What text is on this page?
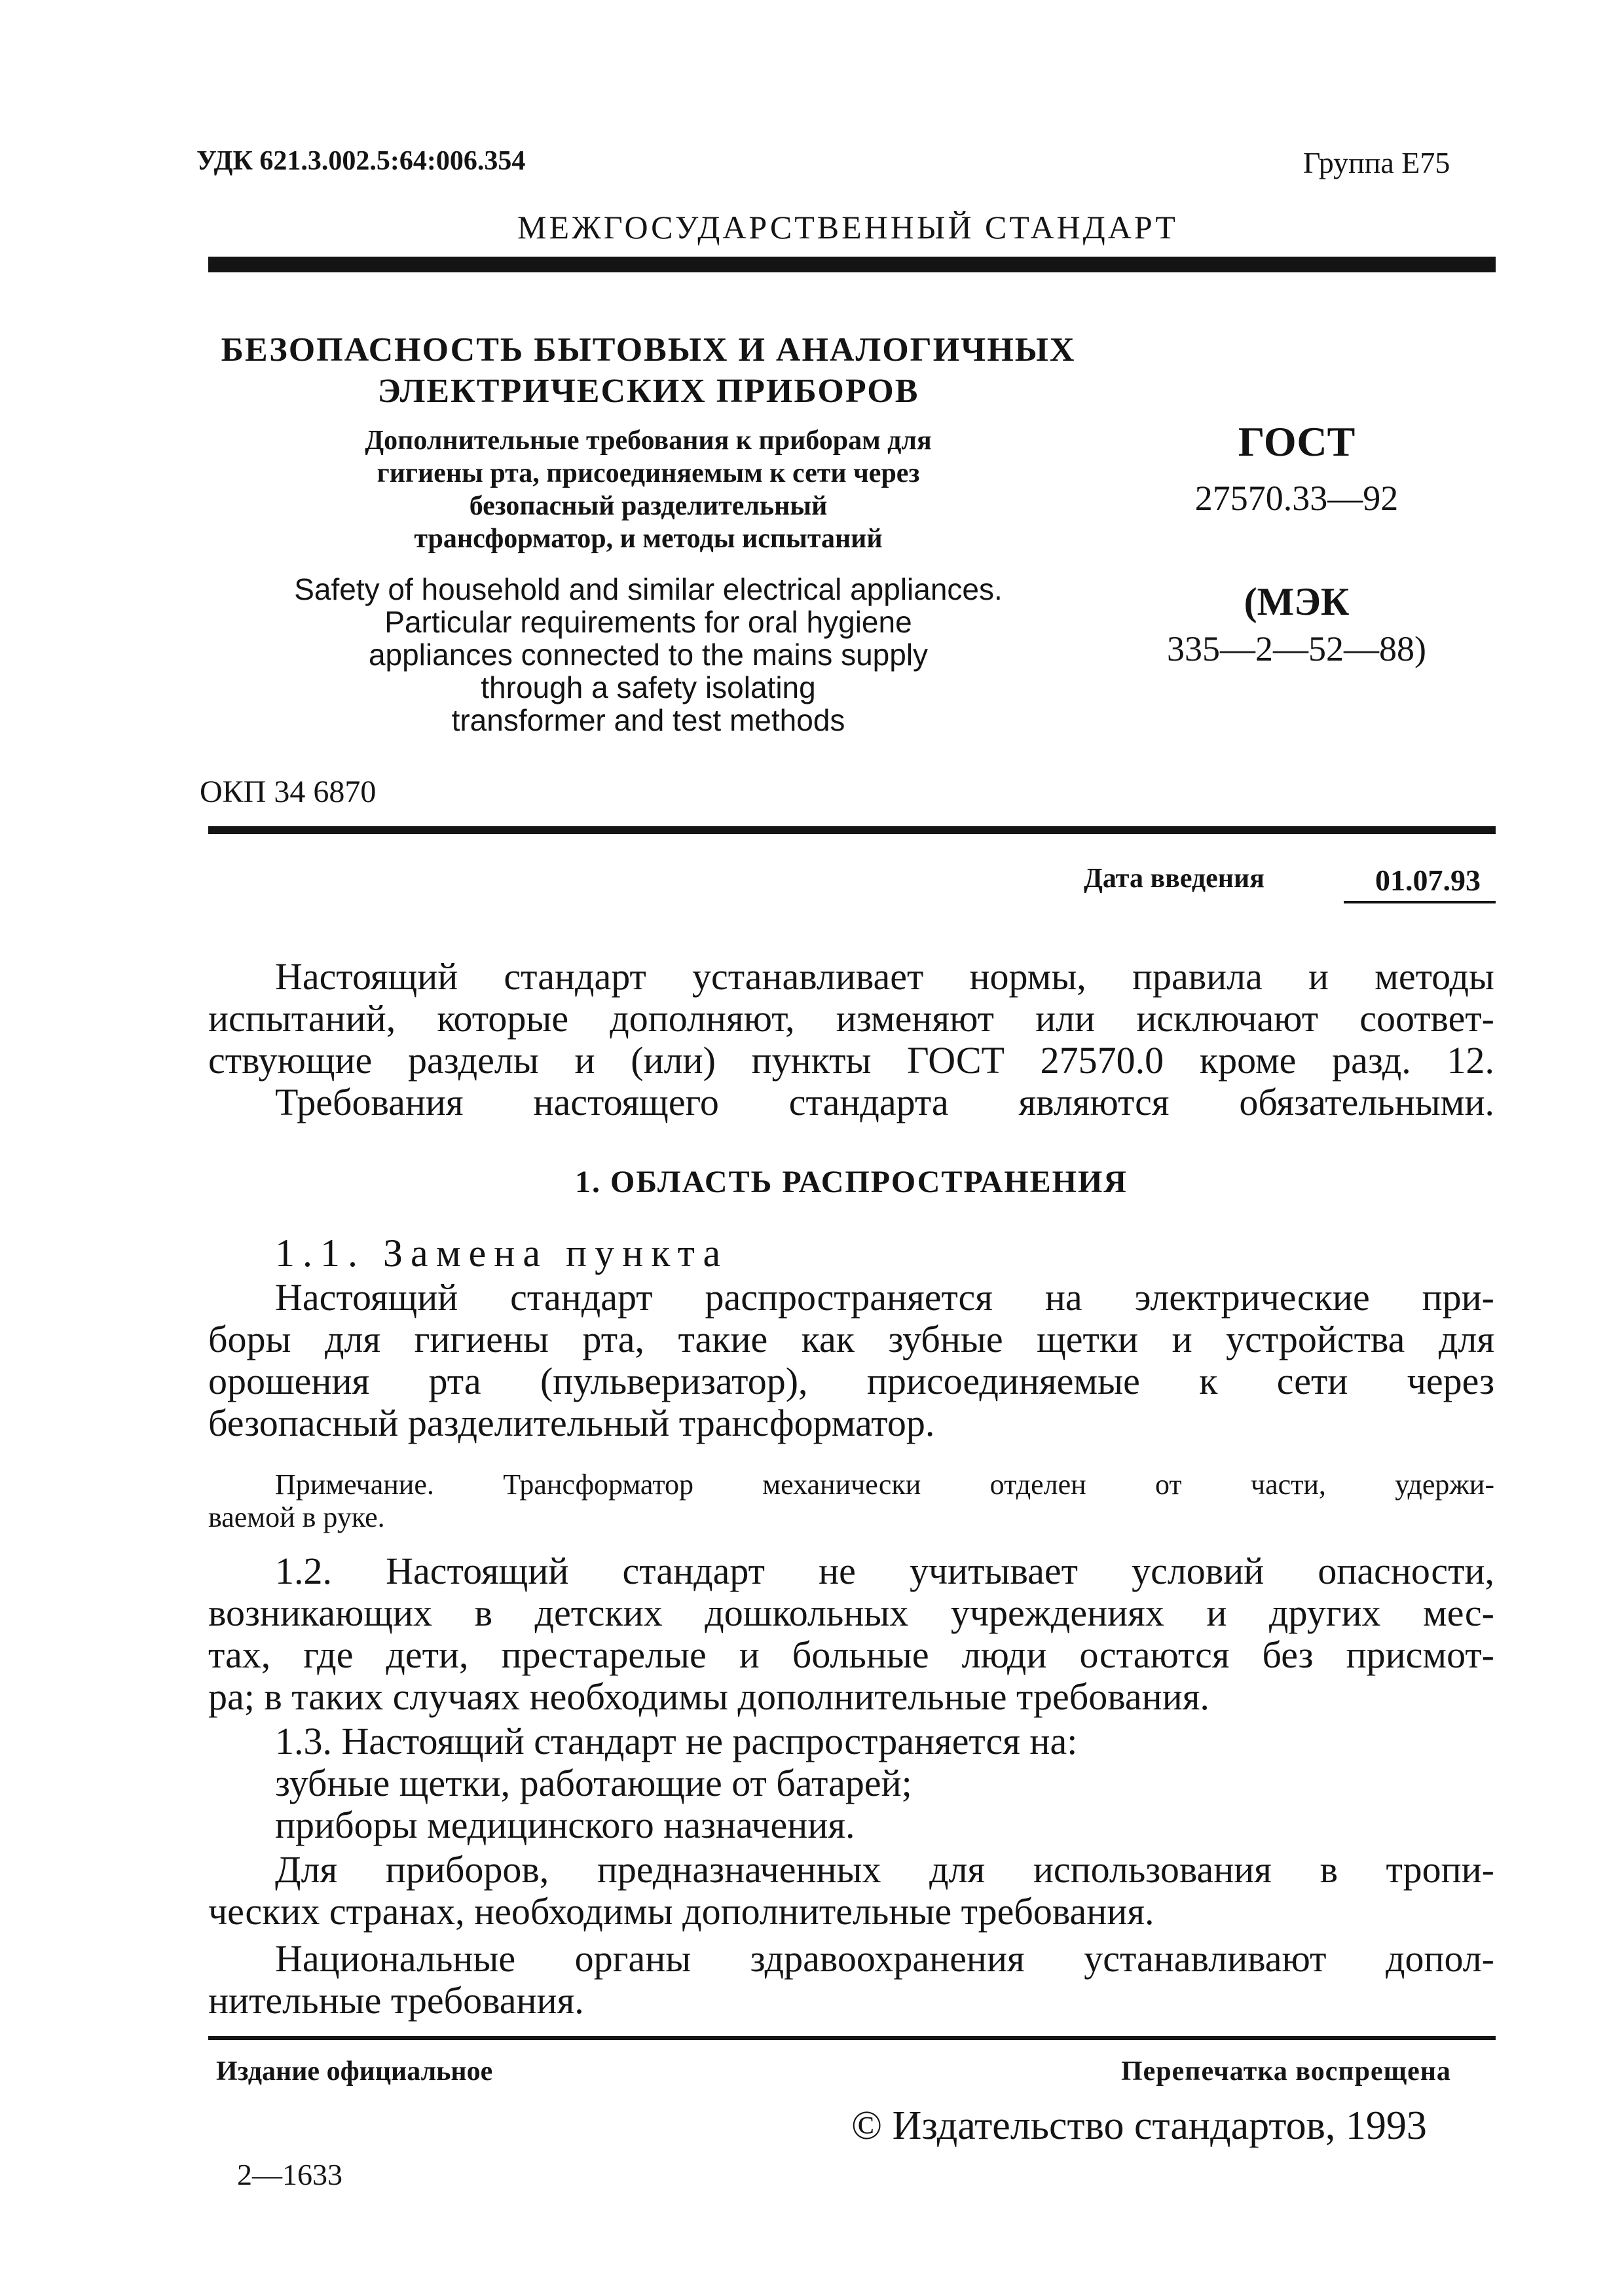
УДК 621.3.002.5:64:006.354	Группа Е75
МЕЖГОСУДАРСТВЕННЫЙ СТАНДАРТ
БЕЗОПАСНОСТЬ БЫТОВЫХ И АНАЛОГИЧНЫХ
ЭЛЕКТРИЧЕСКИХ ПРИБОРОВ
Дополнительные требования к приборам для
гигиены рта, присоединяемым к сети через
безопасный разделительный
трансформатор, и методы испытаний
Safety of household and similar electrical appliances.
Particular requirements for oral hygiene
appliances connected to the mains supply
through a safety isolating
transformer and test methods
ГОСТ
27570.33—92
(МЭК
335—2—52—88)
ОКП 34 6870
Дата введения	01.07.93
Настоящий стандарт устанавливает нормы, правила и методы
испытаний, которые дополняют, изменяют или исключают соответ-
ствующие разделы и (или) пункты ГОСТ 27570.0 кроме разд. 12.
Требования настоящего стандарта являются обязательными.
1. ОБЛАСТЬ РАСПРОСТРАНЕНИЯ
1.1. Замена пункта
Настоящий стандарт распространяется на электрические при-
боры для гигиены рта, такие как зубные щетки и устройства для
орошения рта (пульверизатор), присоединяемые к сети через
безопасный разделительный трансформатор.
Примечание. Трансформатор механически отделен от части, удержи-
ваемой в руке.
1.2. Настоящий стандарт не учитывает условий опасности,
возникающих в детских дошкольных учреждениях и других мес-
тах, где дети, престарелые и больные люди остаются без присмот-
ра; в таких случаях необходимы дополнительные требования.
1.3. Настоящий стандарт не распространяется на:
зубные щетки, работающие от батарей;
приборы медицинского назначения.
Для приборов, предназначенных для использования в тропи-
ческих странах, необходимы дополнительные требования.
Национальные органы здравоохранения устанавливают допол-
нительные требования.
Издание официальное	Перепечатка воспрещена
© Издательство стандартов, 1993
2—1633
